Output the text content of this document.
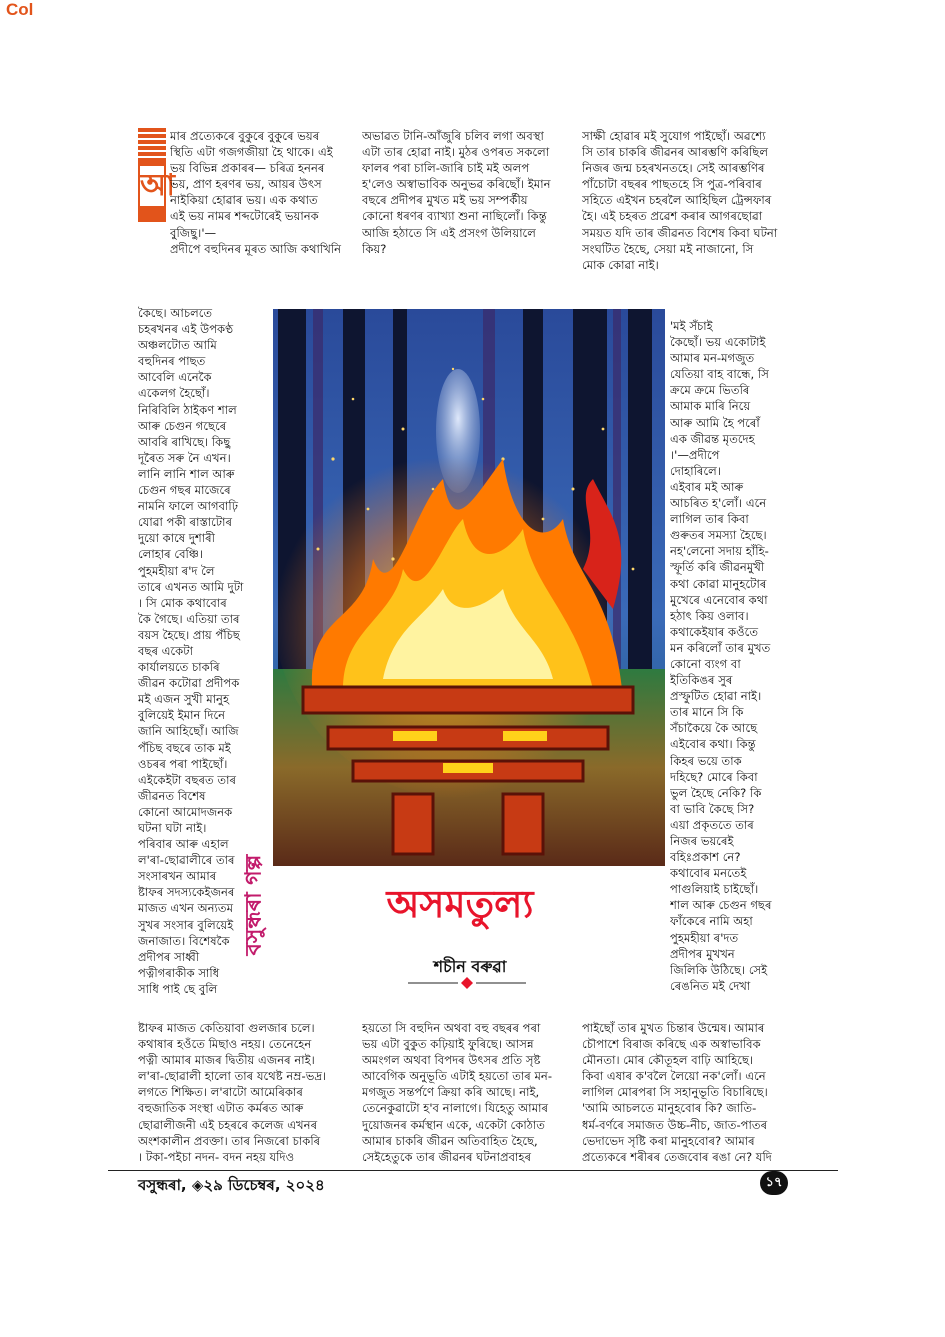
Col
আ

মাৰ প্ৰত্যেকৰে বুকুৰে বুকুৰে ভয়ৰ
স্থিতি এটা গজগজীয়া হৈ থাকে। এই
ভয় বিভিন্ন প্ৰকাৰৰ— চৰিত্ৰ হননৰ
ভয়, প্ৰাণ হৰণৰ ভয়, আয়ৰ উৎস
নাইকিয়া হোৱাৰ ভয়। এক কথাত
এই ভয় নামৰ শব্দটোৰেই ভয়ানক
বুজিছু।'—
প্ৰদীপে বহুদিনৰ মূৰত আজি কথাখিনি

কৈছে। আচলতে
চহৰখনৰ এই উপকণ্ঠ
অঞ্চলটোত আমি
বহুদিনৰ পাছত
আবেলি এনেকৈ
একেলগ হৈছোঁ।
নিৰিবিলি ঠাইকণ শাল
আৰু চেগুন গছেৰে
আবৰি ৰাখিছে। কিছু
দূৰৈত সৰু নৈ এখন।
লানি লানি শাল আৰু
চেগুন গছৰ মাজেৰে
নামনি ফালে আগবাঢ়ি
যোৱা পকী ৰাস্তাটোৰ
দুয়ো কাষে দুশাৰী
লোহাৰ বেঞ্চি।
পুহমহীয়া ৰ'দ লৈ
তাৰে এখনত আমি দুটা
। সি মোক কথাবোৰ
কৈ গৈছে। এতিয়া তাৰ
বয়স হৈছে। প্ৰায় পঁচিছ
বছৰ একেটা
কাৰ্যালয়তে চাকৰি
জীৱন কটোৱা প্ৰদীপক
মই এজন সুখী মানুহ
বুলিয়েই ইমান দিনে
জানি আহিছোঁ। আজি
পঁচিছ বছৰে তাক মই
ওচৰৰ পৰা পাইছোঁ।
এইকেইটা বছৰত তাৰ
জীৱনত বিশেষ
কোনো আমোদজনক
ঘটনা ঘটা নাই।
পৰিবাৰ আৰু এহাল
ল'ৰা-ছোৱালীৰে তাৰ
সংসাৰখন আমাৰ
ষ্টাফৰ সদস্যকেইজনৰ
মাজত এখন অন্যতম
সুখৰ সংসাৰ বুলিয়েই
জনাজাত। বিশেষকৈ
প্ৰদীপৰ সাধ্বী
পত্নীগৰাকীক সাধি
সাধি পাই ছে বুলি

ষ্টাফৰ মাজত কেতিয়াবা গুলজাৰ চলে।
কথাষাৰ হওঁতে মিছাও নহয়। তেনেহেন
পত্নী আমাৰ মাজৰ দ্বিতীয় এজনৰ নাই।
ল'ৰা-ছোৱালী হালো তাৰ যথেষ্ট নম্ৰ-ভদ্ৰ।
লগতে শিক্ষিত। ল'ৰাটো আমেৰিকাৰ
বহুজাতিক সংস্থা এটাত কৰ্মৰত আৰু
ছোৱালীজনী এই চহৰৰে কলেজ এখনৰ
অংশকালীন প্ৰবক্তা। তাৰ নিজৰো চাকৰি
। টকা-পইচা নদন- বদন নহয় যদিও

অভাৱত টানি-আঁজুৰি চলিব লগা অবস্থা
এটা তাৰ হোৱা নাই। মুঠৰ ওপৰত সকলো
ফালৰ পৰা চালি-জাৰি চাই মই অলপ
হ'লেও অস্বাভাবিক অনুভৱ কৰিছোঁ। ইমান
বছৰে প্ৰদীপৰ মুখত মই ভয় সম্পৰ্কীয়
কোনো ধৰণৰ ব্যাখ্যা শুনা নাছিলোঁ। কিন্তু
আজি হঠাতে সি এই প্ৰসংগ উলিয়ালে
কিয়?

হয়তো সি বহুদিন অথবা বহু বছৰৰ পৰা
ভয় এটা বুকুত কঢ়িয়াই ফুৰিছে। আসন্ন
অমংগল অথবা বিপদৰ উৎসৰ প্ৰতি সৃষ্ট
আবেগিক অনুভূতি এটাই হয়তো তাৰ মন-
মগজুত সন্তৰ্পণে ক্ৰিয়া কৰি আছে। নাই,
তেনেকুৱাটো হ'ব নালাগে। যিহেতু আমাৰ
দুয়োজনৰ কৰ্মস্থান একে, একেটা কোঠাত
আমাৰ চাকৰি জীৱন অতিবাহিত হৈছে,
সেইহেতুকে তাৰ জীৱনৰ ঘটনাপ্ৰবাহৰ

সাক্ষী হোৱাৰ মই সুযোগ পাইছোঁ। অৱশ্যে
সি তাৰ চাকৰি জীৱনৰ আৰম্ভণি কৰিছিল
নিজৰ জন্ম চহৰখনতহে। সেই আৰম্ভণিৰ
পাঁচোটা বছৰৰ পাছতহে সি পুত্ৰ-পৰিবাৰ
সহিতে এইখন চহৰলৈ আহিছিল ট্ৰেন্সফাৰ
হৈ। এই চহৰত প্ৰৱেশ কৰাৰ আগৰছোৱা
সময়ত যদি তাৰ জীৱনত বিশেষ কিবা ঘটনা
সংঘটিত হৈছে, সেয়া মই নাজানো, সি
মোক কোৱা নাই।

'মই সঁচাই
কৈছোঁ। ভয় একোটাই
আমাৰ মন-মগজুত
যেতিয়া বাহ বান্ধে, সি
ক্ৰমে ক্ৰমে ভিতৰি
আমাক মাৰি নিয়ে
আৰু আমি হৈ পৰোঁ
এক জীৱন্ত মৃতদেহ
।'—প্ৰদীপে
দোহাৰিলে।
এইবাৰ মই আৰু
আচৰিত হ'লোঁ। এনে
লাগিল তাৰ কিবা
গুৰুতৰ সমস্যা হৈছে।
নহ'লেনো সদায় হাঁহি-
স্ফূৰ্তি কৰি জীৱনমুখী
কথা কোৱা মানুহটোৰ
মুখেৰে এনেবোৰ কথা
হঠাৎ কিয় ওলাব।
কথাকেইযাৰ কওঁতে
মন কৰিলোঁ তাৰ মুখত
কোনো ব্যংগ বা
ইতিকিঙৰ সুৰ
প্ৰস্ফুটিত হোৱা নাই।
তাৰ মানে সি কি
সঁচাকৈয়ে কৈ আছে
এইবোৰ কথা। কিন্তু
কিহৰ ভয়ে তাক
দহিছে? মোৰে কিবা
ভুল হৈছে নেকি? কি
বা ভাবি কৈছে সি?
এয়া প্ৰকৃততে তাৰ
নিজৰ ভয়ৰেই
বহিঃপ্ৰকাশ নে?
কথাবোৰ মনতেই
পাগুলিয়াই চাইছোঁ।
শাল আৰু চেগুন গছৰ
ফাঁকেৰে নামি অহা
পুহমহীয়া ৰ'দত
প্ৰদীপৰ মুখখন
জিলিকি উঠিছে। সেই
ৰেঙনিত মই দেখা

পাইছোঁ তাৰ মুখত চিন্তাৰ উন্মেষ। আমাৰ
চৌপাশে বিৰাজ কৰিছে এক অস্বাভাবিক
মৌনতা। মোৰ কৌতূহল বাঢ়ি আহিছে।
কিবা এষাৰ ক'বলৈ লৈয়ো নক'লোঁ। এনে
লাগিল মোৰপৰা সি সহানুভূতি বিচাৰিছে।
'আমি আচলতে মানুহবোৰ কি? জাতি-
ধৰ্ম-বৰ্ণৰে সমাজত উচ্চ-নীচ, জাত-পাতৰ
ভেদাভেদ সৃষ্টি কৰা মানুহবোৰ? আমাৰ
প্ৰত্যেকৰে শৰীৰৰ তেজবোৰ ৰঙা নে? যদি

বসুন্ধৰা গল্প	অসমতুল্য
শচীন বৰুৱা
বসুন্ধৰা, ◈২৯ ডিচেম্বৰ, ২০২৪	১৭
